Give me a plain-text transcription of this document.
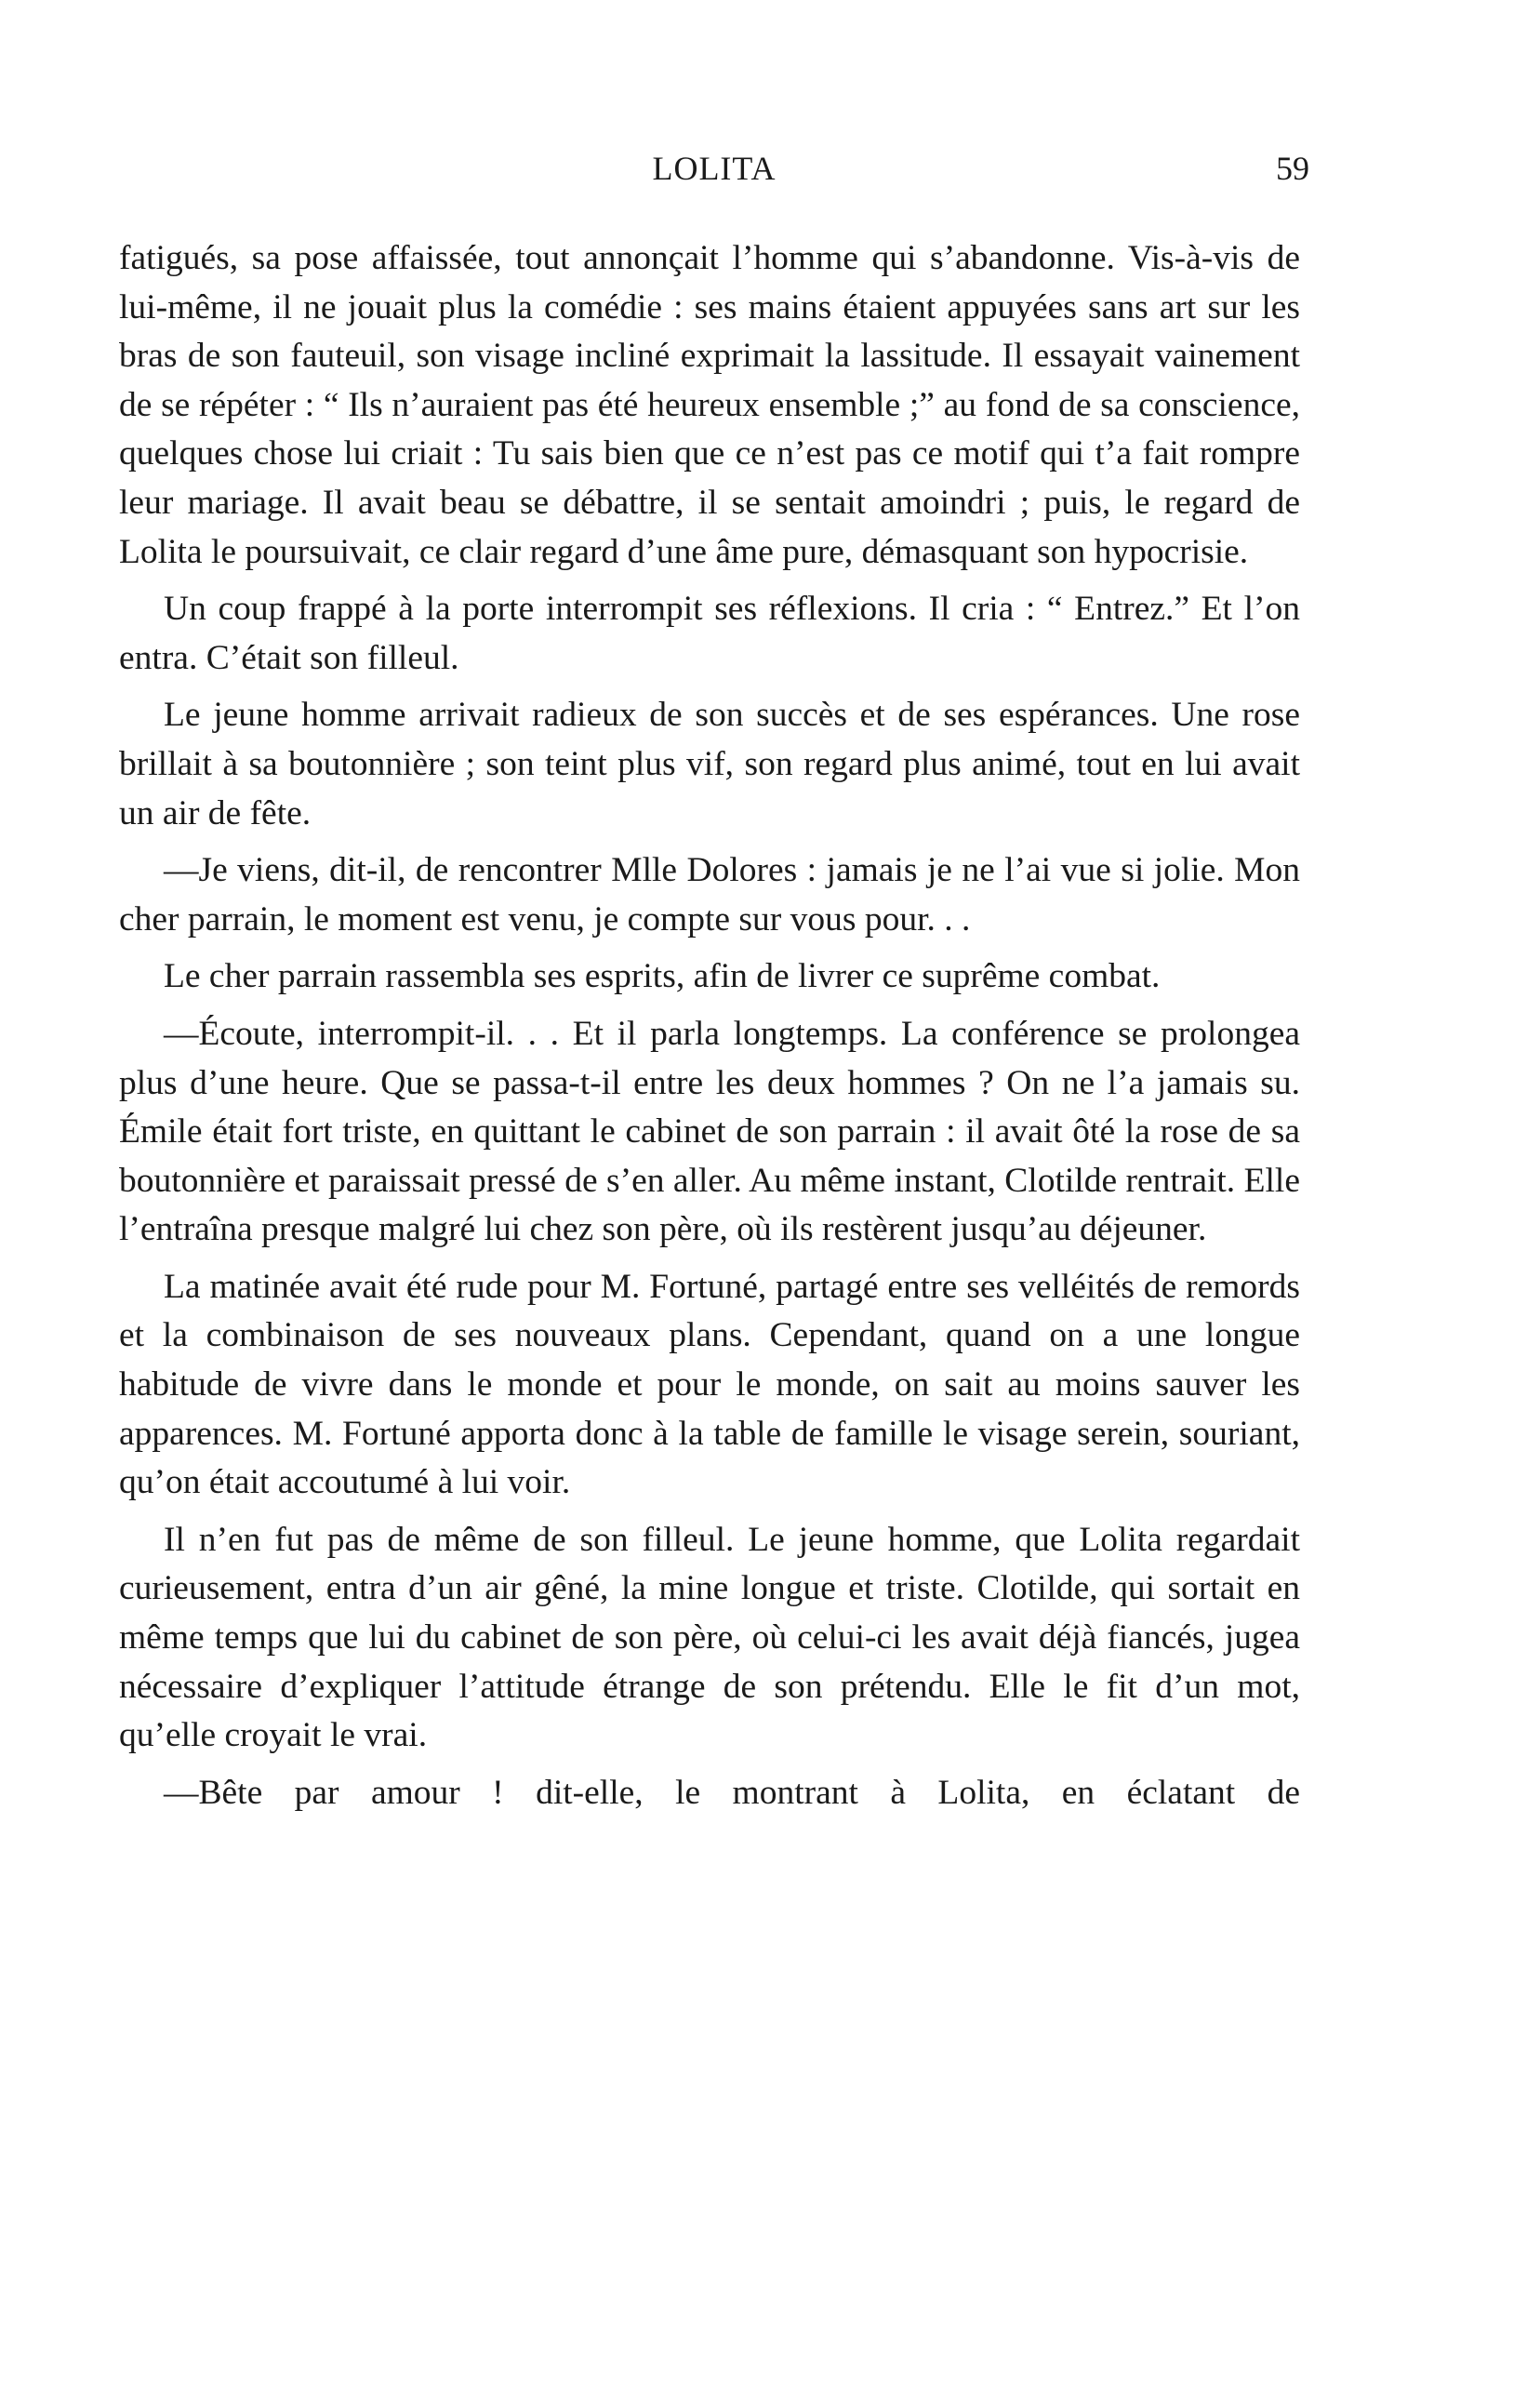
LOLITA	59

fatigués, sa pose affaissée, tout annonçait l’homme qui s’abandonne. Vis-à-vis de lui-même, il ne jouait plus la comédie : ses mains étaient appuyées sans art sur les bras de son fauteuil, son visage incliné exprimait la lassitude. Il essayait vainement de se répéter : “ Ils n’auraient pas été heureux ensemble ;” au fond de sa conscience, quelques chose lui criait : Tu sais bien que ce n’est pas ce motif qui t’a fait rompre leur mariage. Il avait beau se débattre, il se sentait amoindri ; puis, le regard de Lolita le poursuivait, ce clair regard d’une âme pure, démasquant son hypocrisie.

Un coup frappé à la porte interrompit ses réflexions. Il cria : “ Entrez.” Et l’on entra. C’était son filleul.

Le jeune homme arrivait radieux de son succès et de ses espérances. Une rose brillait à sa boutonnière ; son teint plus vif, son regard plus animé, tout en lui avait un air de fête.

—Je viens, dit-il, de rencontrer Mlle Dolores : jamais je ne l’ai vue si jolie. Mon cher parrain, le moment est venu, je compte sur vous pour. . .

Le cher parrain rassembla ses esprits, afin de livrer ce suprême combat.

—Écoute, interrompit-il. . . Et il parla longtemps. La conférence se prolongea plus d’une heure. Que se passa-t-il entre les deux hommes ? On ne l’a jamais su. Émile était fort triste, en quittant le cabinet de son parrain : il avait ôté la rose de sa boutonnière et paraissait pressé de s’en aller. Au même instant, Clotilde rentrait. Elle l’entraîna presque malgré lui chez son père, où ils restèrent jusqu’au déjeuner.

La matinée avait été rude pour M. Fortuné, partagé entre ses velléités de remords et la combinaison de ses nouveaux plans. Cependant, quand on a une longue habitude de vivre dans le monde et pour le monde, on sait au moins sauver les apparences. M. Fortuné apporta donc à la table de famille le visage serein, souriant, qu’on était accoutumé à lui voir.

Il n’en fut pas de même de son filleul. Le jeune homme, que Lolita regardait curieusement, entra d’un air gêné, la mine longue et triste. Clotilde, qui sortait en même temps que lui du cabinet de son père, où celui-ci les avait déjà fiancés, jugea nécessaire d’expliquer l’attitude étrange de son prétendu. Elle le fit d’un mot, qu’elle croyait le vrai.

—Bête par amour ! dit-elle, le montrant à Lolita, en éclatant de
